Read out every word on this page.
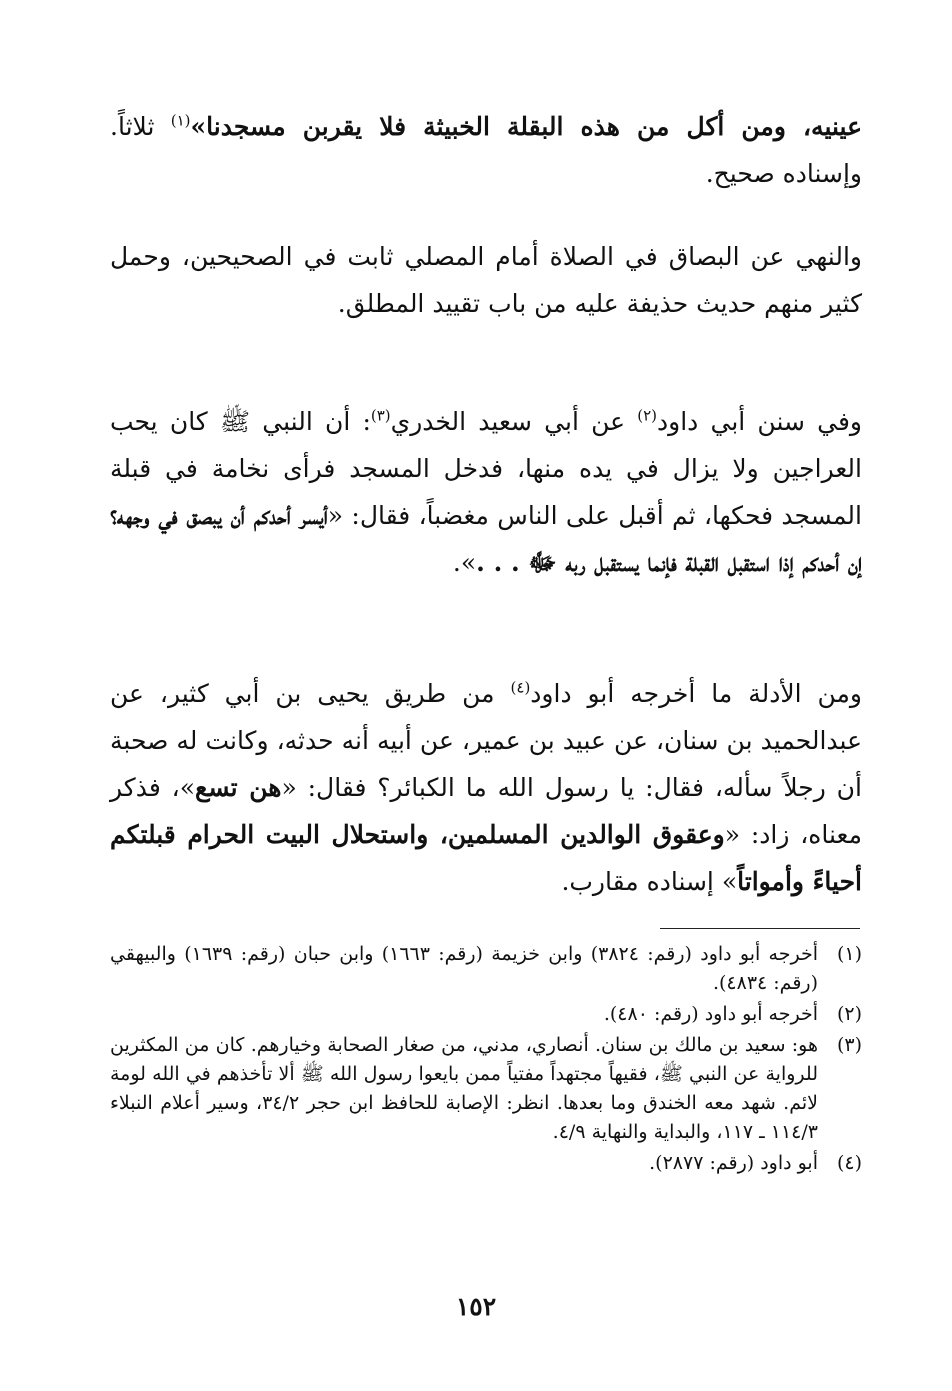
عينيه، ومن أكل من هذه البقلة الخبيثة فلا يقربن مسجدنا»$^{(١)}$ ثلاثاً. وإسناده صحيح.

والنهي عن البصاق في الصلاة أمام المصلي ثابت في الصحيحين، وحمل كثير منهم حديث حذيفة عليه من باب تقييد المطلق.

وفي سنن أبي داود$^{(٢)}$ عن أبي سعيد الخدري$^{(٣)}$: أن النبي ﷺ كان يحب العراجين ولا يزال في يده منها، فدخل المسجد فرأى نخامة في قبلة المسجد فحكها، ثم أقبل على الناس مغضباً، فقال: «أيسر أحدكم أن يبصق في وجهه؟ إن أحدكم إذا استقبل القبلة فإنما يستقبل ربه ﷻ . . .».

ومن الأدلة ما أخرجه أبو داود$^{(٤)}$ من طريق يحيى بن أبي كثير، عن عبدالحميد بن سنان، عن عبيد بن عمير، عن أبيه أنه حدثه، وكانت له صحبة أن رجلاً سأله، فقال: يا رسول الله ما الكبائر؟ فقال: «هن تسع»، فذكر معناه، زاد: «وعقوق الوالدين المسلمين، واستحلال البيت الحرام قبلتكم أحياءً وأمواتاً» إسناده مقارب.

(١)
أخرجه أبو داود (رقم: ٣٨٢٤) وابن خزيمة (رقم: ١٦٦٣) وابن حبان (رقم: ١٦٣٩) والبيهقي (رقم: ٤٨٣٤).
(٢)
أخرجه أبو داود (رقم: ٤٨٠).
(٣)
هو: سعيد بن مالك بن سنان. أنصاري، مدني، من صغار الصحابة وخيارهم. كان من المكثرين للرواية عن النبي ﷺ، فقيهاً مجتهداً مفتياً ممن بايعوا رسول الله ﷺ ألا تأخذهم في الله لومة لائم. شهد معه الخندق وما بعدها. انظر: الإصابة للحافظ ابن حجر ٣٤/٢، وسير أعلام النبلاء ١١٤/٣ ـ ١١٧، والبداية والنهاية ٤/٩.
(٤)
أبو داود (رقم: ٢٨٧٧).
١٥٢
